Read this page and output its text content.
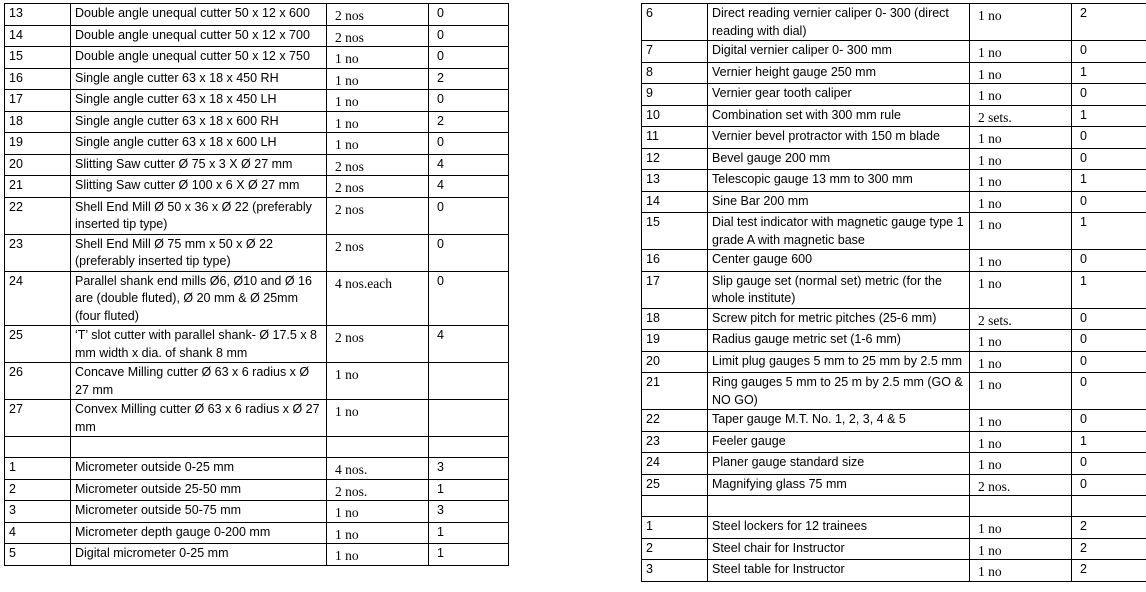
13	Double angle unequal cutter 50 x 12 x 600	2 nos	0
14	Double angle unequal cutter 50 x 12 x 700	2 nos	0
15	Double angle unequal cutter 50 x 12 x 750	1 no	0
16	Single angle cutter 63 x 18 x 450 RH	1 no	2
17	Single angle cutter 63 x 18 x 450 LH	1 no	0
18	Single angle cutter 63 x 18 x 600 RH	1 no	2
19	Single angle cutter 63 x 18 x 600 LH	1 no	0
20	Slitting Saw cutter Ø 75 x 3 X Ø 27 mm	2 nos	4
21	Slitting Saw cutter Ø 100 x 6 X Ø 27 mm	2 nos	4
22	Shell End Mill Ø 50 x 36 x Ø 22 (preferably inserted tip type)	2 nos	0
23	Shell End Mill Ø 75 mm x 50 x Ø 22 (preferably inserted tip type)	2 nos	0
24	Parallel shank end mills Ø6, Ø10 and Ø 16 are (double fluted), Ø 20 mm & Ø 25mm (four fluted)	4 nos.each	0
25	‘T’ slot cutter with parallel shank- Ø 17.5 x 8 mm width x dia. of shank 8 mm	2 nos	4
26	Concave Milling cutter Ø 63 x 6 radius x Ø 27 mm	1 no	
27	Convex Milling cutter Ø 63 x 6 radius x Ø 27 mm	1 no	

1	Micrometer outside 0-25 mm	4 nos.	3
2	Micrometer outside 25-50 mm	2 nos.	1
3	Micrometer outside 50-75 mm	1 no	3
4	Micrometer depth gauge 0-200 mm	1 no	1
5	Digital micrometer 0-25 mm	1 no	1
6	Direct reading vernier caliper 0- 300 (direct reading with dial)	1 no	2
7	Digital vernier caliper 0- 300 mm	1 no	0
8	Vernier height gauge 250 mm	1 no	1
9	Vernier gear tooth caliper	1 no	0
10	Combination set with 300 mm rule	2 sets.	1
11	Vernier bevel protractor with 150 m blade	1 no	0
12	Bevel gauge 200 mm	1 no	0
13	Telescopic gauge 13 mm to 300 mm	1 no	1
14	Sine Bar 200 mm	1 no	0
15	Dial test indicator with magnetic gauge type 1 grade A with magnetic base	1 no	1
16	Center gauge 600	1 no	0
17	Slip gauge set (normal set) metric (for the whole institute)	1 no	1
18	Screw pitch for metric pitches (25-6 mm)	2 sets.	0
19	Radius gauge metric set (1-6 mm)	1 no	0
20	Limit plug gauges 5 mm to 25 mm by 2.5 mm	1 no	0
21	Ring gauges 5 mm to 25 m by 2.5 mm (GO & NO GO)	1 no	0
22	Taper gauge M.T. No. 1, 2, 3, 4 & 5	1 no	0
23	Feeler gauge	1 no	1
24	Planer gauge standard size	1 no	0
25	Magnifying glass 75 mm	2 nos.	0

1	Steel lockers for 12 trainees	1 no	2
2	Steel chair for Instructor	1 no	2
3	Steel table for Instructor	1 no	2
